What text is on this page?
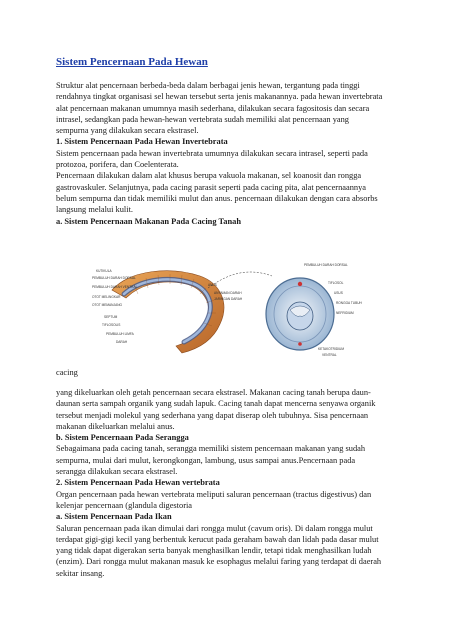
Sistem Pencernaan Pada Hewan

Struktur alat pencernaan berbeda-beda dalam berbagai jenis hewan, tergantung pada tinggi

rendahnya tingkat organisasi sel hewan tersebut serta jenis makanannya. pada hewan invertebrata

alat pencernaan makanan umumnya masih sederhana, dilakukan secara fagositosis dan secara

intrasel, sedangkan pada hewan-hewan vertebrata sudah memiliki alat pencernaan yang

sempurna yang dilakukan secara ekstrasel.

1. Sistem Pencernaan Pada Hewan Invertebrata

Sistem pencernaan pada hewan invertebrata umumnya dilakukan secara intrasel, seperti pada

protozoa, porifera, dan Coelenterata.

Pencernaan dilakukan dalam alat khusus berupa vakuola makanan, sel koanosit dan rongga

gastrovaskuler. Selanjutnya, pada cacing parasit seperti pada cacing pita, alat pencernaannya

belum sempurna dan tidak memiliki mulut dan anus. pencernaan dilakukan dengan cara absorbs

langsung melalui kulit.

a. Sistem Pencernaan Makanan Pada Cacing Tanah

KUTIKULA
PEMBULUH DARAH DORSAL
PEMBULUH DARAH VENTRAL
OTOT MELINGKAR
OTOT MEMANJANG
SEPTUM
TIFLOSOLIS
PEMBULUH LIMFA
DARAH
ANUS
ANYAMAN DARAH
JARINGAN DARAH
PEMBULUH DARAH DORSAL
TIFLOSOL
USUS
RONGGA TUBUH
NEFRIDIUM
KETAKOTRIDIUM
VENTRAL

cacing

yang dikeluarkan oleh getah pencernaan secara ekstrasel. Makanan cacing tanah berupa daun-

daunan serta sampah organik yang sudah lapuk. Cacing tanah dapat mencerna senyawa organik

tersebut menjadi molekul yang sederhana yang dapat diserap oleh tubuhnya. Sisa pencernaan

makanan dikeluarkan melalui anus.

b. Sistem Pencernaan Pada Serangga

Sebagaimana pada cacing tanah, serangga memiliki sistem pencernaan makanan yang sudah

sempurna, mulai dari mulut, kerongkongan, lambung, usus sampai anus.Pencernaan pada

serangga dilakukan secara ekstrasel.

2. Sistem Pencernaan Pada Hewan vertebrata

Organ pencernaan pada hewan vertebrata meliputi saluran pencernaan (tractus digestivus) dan

kelenjar pencernaan (glandula digestoria

a. Sistem Pencernaan Pada Ikan

Saluran pencernaan pada ikan dimulai dari rongga mulut (cavum oris). Di dalam rongga mulut

terdapat gigi-gigi kecil yang berbentuk kerucut pada geraham bawah dan lidah pada dasar mulut

yang tidak dapat digerakan serta banyak menghasilkan lendir, tetapi tidak menghasilkan ludah

(enzim). Dari rongga mulut makanan masuk ke esophagus melalui faring yang terdapat di daerah

sekitar insang.
